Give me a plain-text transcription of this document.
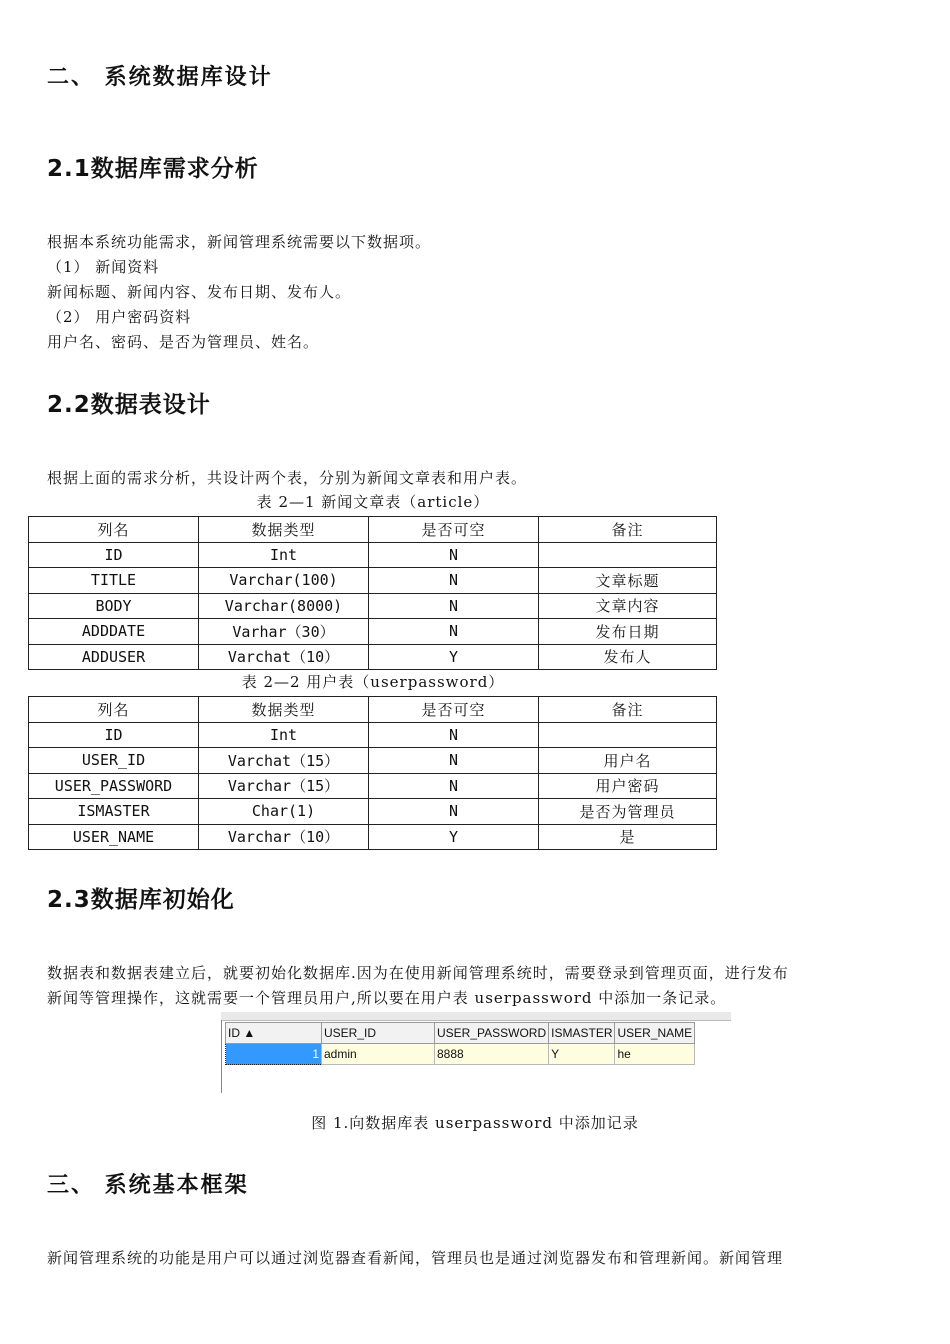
二、 系统数据库设计
2.1数据库需求分析
根据本系统功能需求，新闻管理系统需要以下数据项。
（1） 新闻资料
新闻标题、新闻内容、发布日期、发布人。
（2） 用户密码资料
用户名、密码、是否为管理员、姓名。
2.2数据表设计
根据上面的需求分析，共设计两个表，分别为新闻文章表和用户表。
表 2—1 新闻文章表（article）
列名	数据类型	是否可空	备注
ID	Int	N	
TITLE	Varchar(100)	N	文章标题
BODY	Varchar(8000)	N	文章内容
ADDDATE	Varhar（30）	N	发布日期
ADDUSER	Varchat（10）	Y	发布人
表 2—2 用户表（userpassword）
列名	数据类型	是否可空	备注
ID	Int	N	
USER_ID	Varchat（15）	N	用户名
USER_PASSWORD	Varchar（15）	N	用户密码
ISMASTER	Char(1)	N	是否为管理员
USER_NAME	Varchar（10）	Y	是
2.3数据库初始化
数据表和数据表建立后，就要初始化数据库.因为在使用新闻管理系统时，需要登录到管理页面，进行发布
新闻等管理操作，这就需要一个管理员用户,所以要在用户表 userpassword 中添加一条记录。
ID ▲	USER_ID	USER_PASSWORD	ISMASTER	USER_NAME
1	admin	8888	Y	he
图 1.向数据库表 userpassword 中添加记录
三、 系统基本框架
新闻管理系统的功能是用户可以通过浏览器查看新闻，管理员也是通过浏览器发布和管理新闻。新闻管理
